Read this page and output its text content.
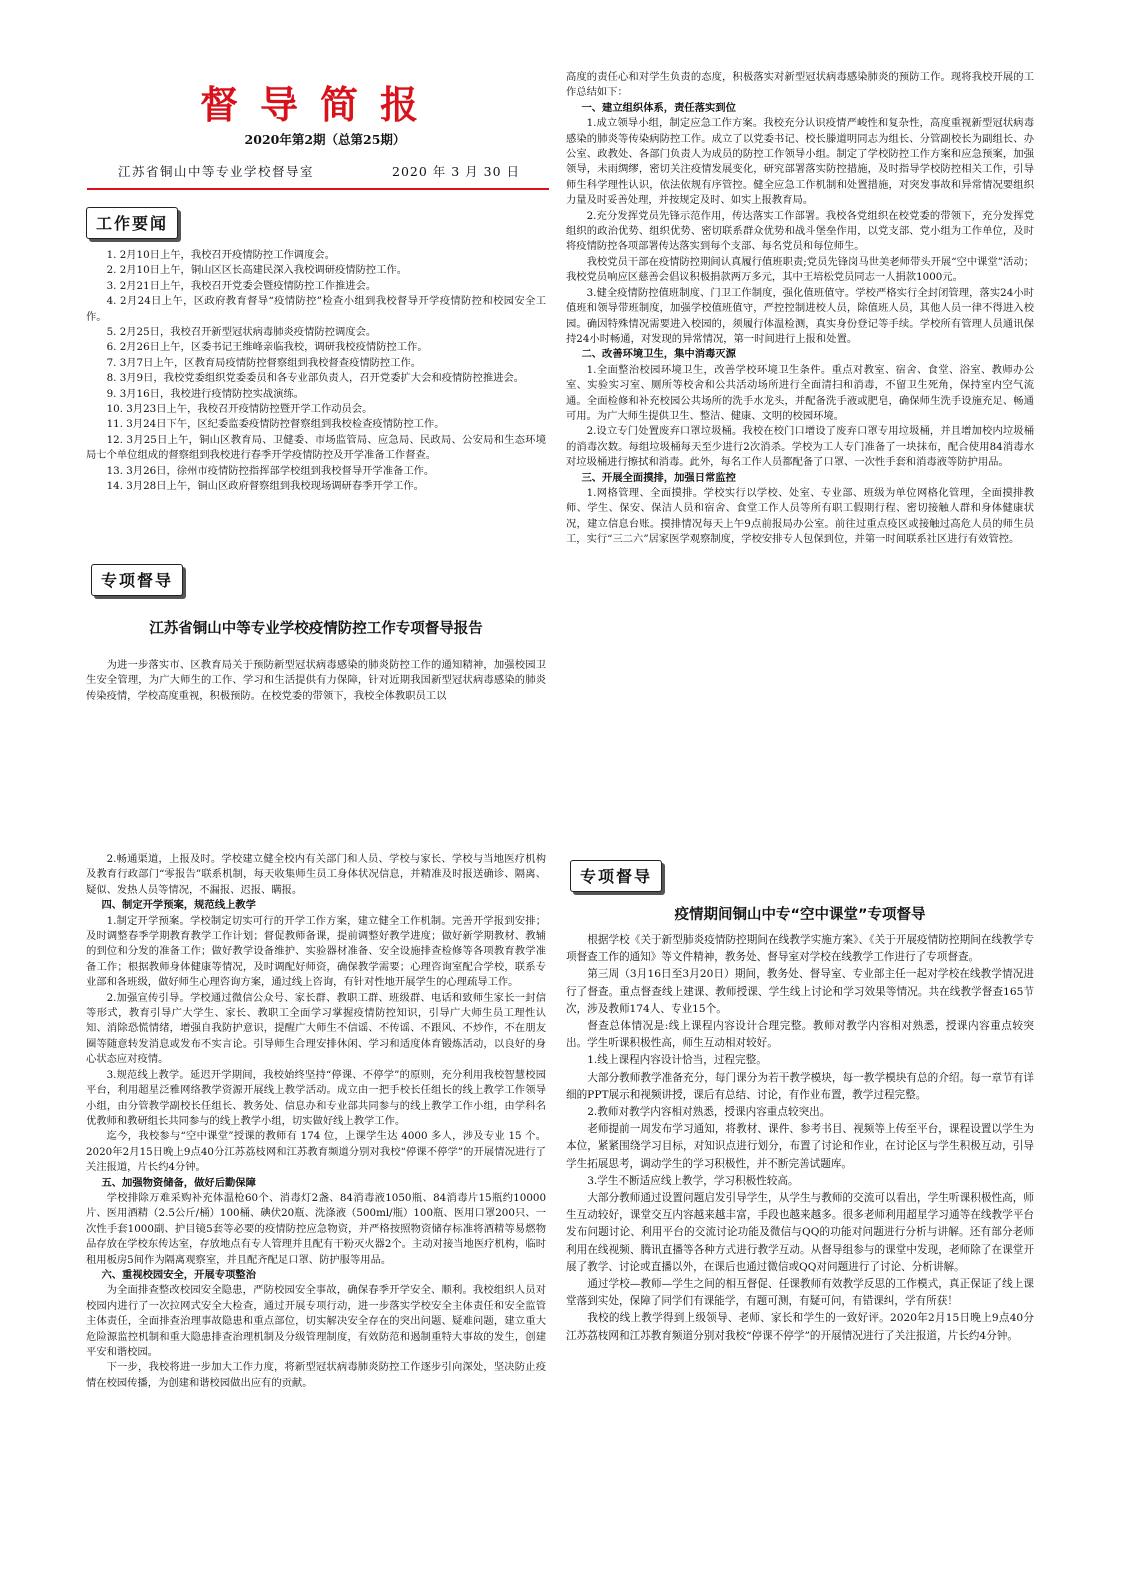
督导简报
2020年第2期（总第25期）
江苏省铜山中等专业学校督导室	2020 年 3 月 30 日
工作要闻

1. 2月10日上午，我校召开疫情防控工作调度会。

2. 2月10日上午，铜山区区长高建民深入我校调研疫情防控工作。

3. 2月21日上午，我校召开党委会暨疫情防控工作推进会。

4. 2月24日上午，区政府教育督导“疫情防控”检查小组到我校督导开学疫情防控和校园安全工作。

5. 2月25日，我校召开新型冠状病毒肺炎疫情防控调度会。

6. 2月26日上午，区委书记王维峰亲临我校，调研我校疫情防控工作。

7. 3月7日上午，区教育局疫情防控督察组到我校督查疫情防控工作。

8. 3月9日，我校党委组织党委委员和各专业部负责人，召开党委扩大会和疫情防控推进会。

9. 3月16日，我校进行疫情防控实战演练。

10. 3月23日上午，我校召开疫情防控暨开学工作动员会。

11. 3月24日下午，区纪委监委疫情防控督察组到我校检查疫情防控工作。

12. 3月25日上午，铜山区教育局、卫健委、市场监管局、应急局、民政局、公安局和生态环境局七个单位组成的督察组到我校进行春季开学疫情防控及开学准备工作督查。

13. 3月26日，徐州市疫情防控指挥部学校组到我校督导开学准备工作。

14. 3月28日上午，铜山区政府督察组到我校现场调研春季开学工作。

专项督导
江苏省铜山中等专业学校疫情防控工作专项督导报告

为进一步落实市、区教育局关于预防新型冠状病毒感染的肺炎防控工作的通知精神，加强校园卫生安全管理，为广大师生的工作、学习和生活提供有力保障，针对近期我国新型冠状病毒感染的肺炎传染疫情，学校高度重视，积极预防。在校党委的带领下，我校全体教职员工以

高度的责任心和对学生负责的态度，积极落实对新型冠状病毒感染肺炎的预防工作。现将我校开展的工作总结如下：

一、建立组织体系，责任落实到位

1.成立领导小组，制定应急工作方案。我校充分认识疫情严峻性和复杂性，高度重视新型冠状病毒感染的肺炎等传染病防控工作。成立了以党委书记、校长滕道明同志为组长、分管副校长为副组长、办公室、政教处、各部门负责人为成员的防控工作领导小组。制定了学校防控工作方案和应急预案，加强领导，未雨绸缪，密切关注疫情发展变化，研究部署落实防控措施，及时指导学校防控相关工作，引导师生科学理性认识，依法依规有序管控。健全应急工作机制和处置措施，对突发事故和异常情况要组织力量及时妥善处理，并按规定及时、如实上报教育局。

2.充分发挥党员先锋示范作用，传达落实工作部署。我校各党组织在校党委的带领下，充分发挥党组织的政治优势、组织优势、密切联系群众优势和战斗堡垒作用，以党支部、党小组为工作单位，及时将疫情防控各项部署传达落实到每个支部、每名党员和每位师生。

我校党员干部在疫情防控期间认真履行值班职责;党员先锋岗马世美老师带头开展“空中课堂”活动；我校党员响应区慈善会倡议积极捐款两万多元，其中王培松党员同志一人捐款1000元。

3.健全疫情防控值班制度、门卫工作制度，强化值班值守。学校严格实行全封闭管理，落实24小时值班和领导带班制度，加强学校值班值守，严控控制进校人员，除值班人员，其他人员一律不得进入校园。确因特殊情况需要进入校园的，须履行体温检测，真实身份登记等手续。学校所有管理人员通讯保持24小时畅通，对发现的异常情况，第一时间进行上报和处置。

二、改善环境卫生，集中消毒灭源

1.全面整治校园环境卫生，改善学校环境卫生条件。重点对教室、宿舍、食堂、浴室、教师办公室、实验实习室、厕所等校舍和公共活动场所进行全面清扫和消毒，不留卫生死角，保持室内空气流通。全面检修和补充校园公共场所的洗手水龙头，并配备洗手液或肥皂，确保师生洗手设施充足、畅通可用。为广大师生提供卫生、整洁、健康、文明的校园环境。

2.设立专门处置废弃口罩垃圾桶。我校在校门口增设了废弃口罩专用垃圾桶，并且增加校内垃圾桶的消毒次数。每组垃圾桶每天至少进行2次消杀。学校为工人专门准备了一块抹布，配合使用84消毒水对垃圾桶进行擦拭和消毒。此外，每名工作人员都配备了口罩、一次性手套和消毒液等防护用品。

三、开展全面摸排，加强日常监控

1.网格管理、全面摸排。学校实行以学校、处室、专业部、班级为单位网格化管理，全面摸排教师、学生、保安、保洁人员和宿舍、食堂工作人员等所有职工假期行程、密切接触人群和身体健康状况，建立信息台账。摸排情况每天上午9点前报局办公室。前往过重点疫区或接触过高危人员的师生员工，实行“三二六”居家医学观察制度，学校安排专人包保到位，并第一时间联系社区进行有效管控。

2.畅通渠道，上报及时。学校建立健全校内有关部门和人员、学校与家长、学校与当地医疗机构及教育行政部门“零报告”联系机制，每天收集师生员工身体状况信息，并精准及时报送确诊、隔离、疑似、发热人员等情况，不漏报、迟报、瞒报。

四、制定开学预案，规范线上教学

1.制定开学预案。学校制定切实可行的开学工作方案，建立健全工作机制。完善开学报到安排；及时调整春季学期教育教学工作计划；督促教师备课，提前调整好教学进度；做好新学期教材、教辅的到位和分发的准备工作；做好教学设备维护、实验器材准备、安全设施排查检修等各项教育教学准备工作；根据教师身体健康等情况，及时调配好师资，确保教学需要；心理咨询室配合学校，联系专业部和各班级，做好师生心理咨询方案，通过线上咨询，有针对性地开展学生的心理疏导工作。

2.加强宣传引导。学校通过微信公众号、家长群、教职工群、班级群、电话和致师生家长一封信等形式，教育引导广大学生、家长、教职工全面学习掌握疫情防控知识，引导广大师生员工理性认知、消除恐慌情绪，增强自我防护意识，提醒广大师生不信谣、不传谣、不跟风、不炒作，不在朋友圈等随意转发消息或发布不实言论。引导师生合理安排休闲、学习和适度体育锻炼活动，以良好的身心状态应对疫情。

3.规范线上教学。延迟开学期间，我校始终坚持“停课、不停学”的原则，充分利用我校智慧校园平台，利用超星泛雅网络教学资源开展线上教学活动。成立由一把手校长任组长的线上教学工作领导小组，由分管教学副校长任组长、教务处、信息办和专业部共同参与的线上教学工作小组，由学科名优教师和教研组长共同参与的线上教学小组，切实做好线上教学工作。

迄今，我校参与“空中课堂”授课的教师有 174 位，上课学生达 4000 多人，涉及专业 15 个。2020年2月15日晚上9点40分江苏荔枝网和江苏教育频道分别对我校“停课不停学”的开展情况进行了关注报道，片长约4分钟。

五、加强物资储备，做好后勤保障

学校排除万难采购补充体温枪60个、消毒灯2盏、84消毒液1050瓶、84消毒片15瓶约10000片、医用酒精（2.5公斤/桶）100桶、碘伏20瓶、洗涤液（500ml/瓶）100瓶、医用口罩200只、一次性手套1000副、护目镜5套等必要的疫情防控应急物资，并严格按照物资储存标准将酒精等易燃物品存放在学校东传达室，存放地点有专人管理并且配有干粉灭火器2个。主动对接当地医疗机构，临时租用板房5间作为隔离观察室，并且配齐配足口罩、防护服等用品。

六、重视校园安全，开展专项整治

为全面排查整改校园安全隐患，严防校园安全事故，确保春季开学安全、顺利。我校组织人员对校园内进行了一次拉网式安全大检查，通过开展专项行动，进一步落实学校安全主体责任和安全监管主体责任，全面排查治理事故隐患和重点部位，切实解决安全存在的突出问题、疑难问题，建立重大危险源监控机制和重大隐患排查治理机制及分级管理制度，有效防范和遏制重特大事故的发生，创建平安和谐校园。

下一步，我校将进一步加大工作力度，将新型冠状病毒肺炎防控工作逐步引向深处，坚决防止疫情在校园传播，为创建和谐校园做出应有的贡献。

专项督导
疫情期间铜山中专“空中课堂”专项督导

根据学校《关于新型肺炎疫情防控期间在线教学实施方案》、《关于开展疫情防控期间在线教学专项督查工作的通知》等文件精神，教务处、督导室对学校在线教学工作进行了专项督查。

第三周（3月16日至3月20日）期间，教务处、督导室、专业部主任一起对学校在线教学情况进行了督查。重点督查线上建课、教师授课、学生线上讨论和学习效果等情况。共在线教学督查165节次，涉及教师174人、专业15个。

督查总体情况是:线上课程内容设计合理完整。教师对教学内容相对熟悉，授课内容重点较突出。学生听课积极性高，师生互动相对较好。

1.线上课程内容设计恰当，过程完整。

大部分教师教学准备充分，每门课分为若干教学模块，每一教学模块有总的介绍。每一章节有详细的PPT展示和视频讲授，课后有总结、讨论，有作业布置，教学过程完整。

2.教师对教学内容相对熟悉，授课内容重点较突出。

老师提前一周发布学习通知，将教材、课件、参考书目、视频等上传至平台，课程设置以学生为本位，紧紧围绕学习目标，对知识点进行划分，布置了讨论和作业，在讨论区与学生积极互动，引导学生拓展思考，调动学生的学习积极性，并不断完善试题库。

3.学生不断适应线上教学，学习积极性较高。

大部分教师通过设置问题启发引导学生，从学生与教师的交流可以看出，学生听课积极性高，师生互动较好，课堂交互内容越来越丰富，手段也越来越多。很多老师利用超星学习通等在线教学平台发布问题讨论、利用平台的交流讨论功能及微信与QQ的功能对问题进行分析与讲解。还有部分老师利用在线视频、腾讯直播等各种方式进行教学互动。从督导组参与的课堂中发现，老师除了在课堂开展了教学、讨论或直播以外，在课后也通过微信或QQ对问题进行了讨论、分析讲解。

通过学校—教师—学生之间的相互督促、任课教师有效教学反思的工作模式，真正保证了线上课堂落到实处，保障了同学们有课能学，有题可测，有疑可问，有错课纠，学有所获！

我校的线上教学得到上级领导、老师、家长和学生的一致好评。2020年2月15日晚上9点40分江苏荔枝网和江苏教育频道分别对我校“停课不停学”的开展情况进行了关注报道，片长约4分钟。
